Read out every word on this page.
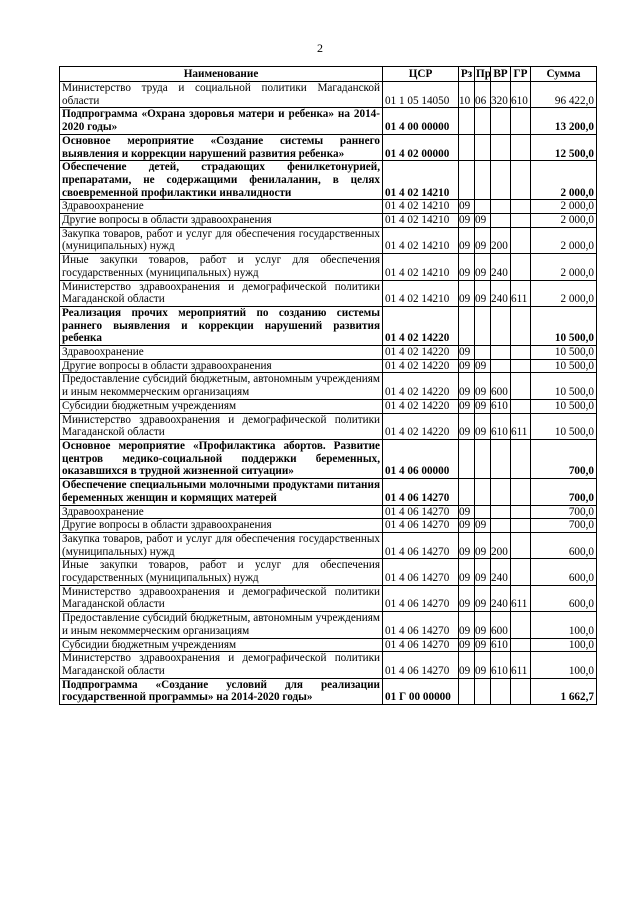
2
Наименование	ЦСР	Рз	Пр	ВР	ГР	Сумма
Министерство труда и социальной политики Магаданской области	01 1 05 14050	10	06	320	610	96 422,0
Подпрограмма «Охрана здоровья матери и ребенка» на 2014-2020 годы»	01 4 00 00000					13 200,0
Основное мероприятие «Создание системы раннего выявления и коррекции нарушений развития ребенка»	01 4 02 00000					12 500,0
Обеспечение детей, страдающих фенилкетонурией, препаратами, не содержащими фенилаланин, в целях своевременной профилактики инвалидности	01 4 02 14210					2 000,0
Здравоохранение	01 4 02 14210	09				2 000,0
Другие вопросы в области здравоохранения	01 4 02 14210	09	09			2 000,0
Закупка товаров, работ и услуг для обеспечения государственных (муниципальных) нужд	01 4 02 14210	09	09	200		2 000,0
Иные закупки товаров, работ и услуг для обеспечения государственных (муниципальных) нужд	01 4 02 14210	09	09	240		2 000,0
Министерство здравоохранения и демографической политики Магаданской области	01 4 02 14210	09	09	240	611	2 000,0
Реализация прочих мероприятий по созданию системы раннего выявления и коррекции нарушений развития ребенка	01 4 02 14220					10 500,0
Здравоохранение	01 4 02 14220	09				10 500,0
Другие вопросы в области здравоохранения	01 4 02 14220	09	09			10 500,0
Предоставление субсидий бюджетным, автономным учреждениям и иным некоммерческим организациям	01 4 02 14220	09	09	600		10 500,0
Субсидии бюджетным учреждениям	01 4 02 14220	09	09	610		10 500,0
Министерство здравоохранения и демографической политики Магаданской области	01 4 02 14220	09	09	610	611	10 500,0
Основное мероприятие «Профилактика абортов. Развитие центров медико-социальной поддержки беременных, оказавшихся в трудной жизненной ситуации»	01 4 06 00000					700,0
Обеспечение специальными молочными продуктами питания беременных женщин и кормящих матерей	01 4 06 14270					700,0
Здравоохранение	01 4 06 14270	09				700,0
Другие вопросы в области здравоохранения	01 4 06 14270	09	09			700,0
Закупка товаров, работ и услуг для обеспечения государственных (муниципальных) нужд	01 4 06 14270	09	09	200		600,0
Иные закупки товаров, работ и услуг для обеспечения государственных (муниципальных) нужд	01 4 06 14270	09	09	240		600,0
Министерство здравоохранения и демографической политики Магаданской области	01 4 06 14270	09	09	240	611	600,0
Предоставление субсидий бюджетным, автономным учреждениям и иным некоммерческим организациям	01 4 06 14270	09	09	600		100,0
Субсидии бюджетным учреждениям	01 4 06 14270	09	09	610		100,0
Министерство здравоохранения и демографической политики Магаданской области	01 4 06 14270	09	09	610	611	100,0
Подпрограмма «Создание условий для реализации государственной программы» на 2014-2020 годы»	01 Г 00 00000					1 662,7
